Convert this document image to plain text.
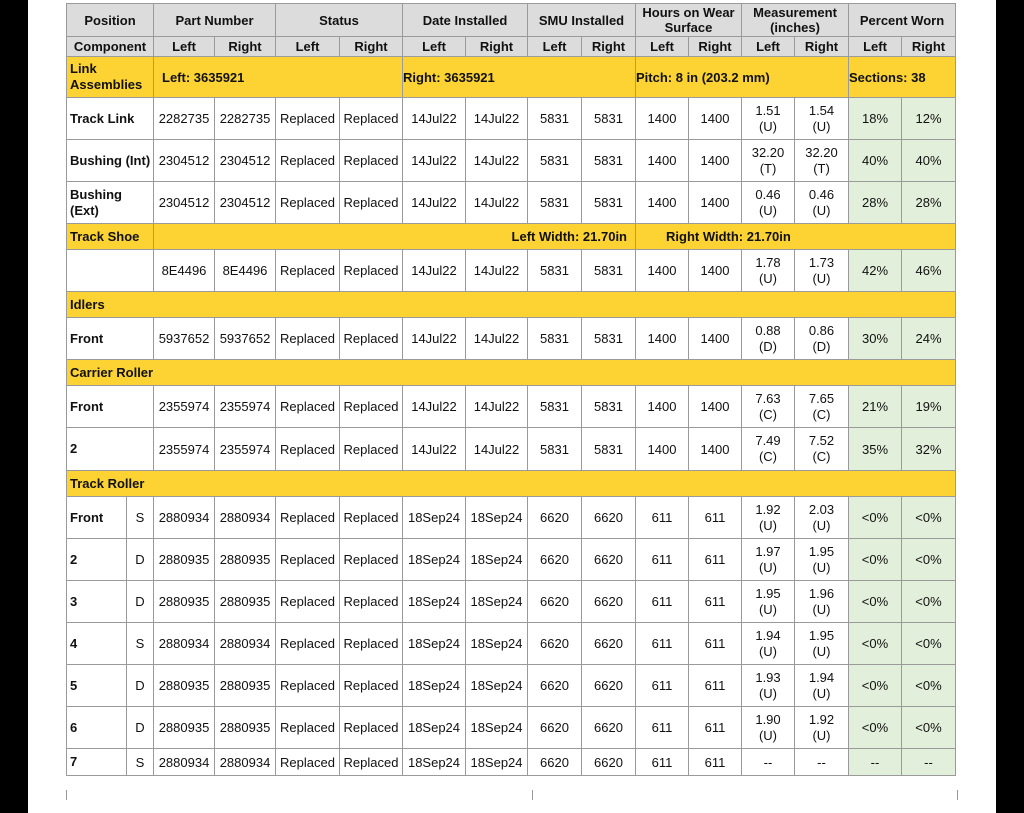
Position		Part Number		Status		Date Installed		SMU Installed		Hours on Wear Surface		Measurement (inches)		Percent Worn	
Component		Left	Right	Left	Right	Left	Right	Left	Right	Left	Right	Left	Right	Left	Right
Link Assemblies		Left: 3635921				Right: 3635921				Pitch: 8 in (203.2 mm)				Sections: 38	
Track Link		2282735	2282735	Replaced	Replaced	14Jul22	14Jul22	5831	5831	1400	1400	1.51
(U)	1.54
(U)	18%	12%
Bushing (Int)		2304512	2304512	Replaced	Replaced	14Jul22	14Jul22	5831	5831	1400	1400	32.20
(T)	32.20
(T)	40%	40%
Bushing (Ext)		2304512	2304512	Replaced	Replaced	14Jul22	14Jul22	5831	5831	1400	1400	0.46
(U)	0.46
(U)	28%	28%
Track Shoe		Left Width: 21.70in								Right Width: 21.70in					
		8E4496	8E4496	Replaced	Replaced	14Jul22	14Jul22	5831	5831	1400	1400	1.78
(U)	1.73
(U)	42%	46%
Idlers															
Front		5937652	5937652	Replaced	Replaced	14Jul22	14Jul22	5831	5831	1400	1400	0.88
(D)	0.86
(D)	30%	24%
Carrier Roller															
Front		2355974	2355974	Replaced	Replaced	14Jul22	14Jul22	5831	5831	1400	1400	7.63
(C)	7.65
(C)	21%	19%
2		2355974	2355974	Replaced	Replaced	14Jul22	14Jul22	5831	5831	1400	1400	7.49
(C)	7.52
(C)	35%	32%
Track Roller															
Front	S	2880934	2880934	Replaced	Replaced	18Sep24	18Sep24	6620	6620	611	611	1.92
(U)	2.03
(U)	<0%	<0%
2	D	2880935	2880935	Replaced	Replaced	18Sep24	18Sep24	6620	6620	611	611	1.97
(U)	1.95
(U)	<0%	<0%
3	D	2880935	2880935	Replaced	Replaced	18Sep24	18Sep24	6620	6620	611	611	1.95
(U)	1.96
(U)	<0%	<0%
4	S	2880934	2880934	Replaced	Replaced	18Sep24	18Sep24	6620	6620	611	611	1.94
(U)	1.95
(U)	<0%	<0%
5	D	2880935	2880935	Replaced	Replaced	18Sep24	18Sep24	6620	6620	611	611	1.93
(U)	1.94
(U)	<0%	<0%
6	D	2880935	2880935	Replaced	Replaced	18Sep24	18Sep24	6620	6620	611	611	1.90
(U)	1.92
(U)	<0%	<0%
7	S	2880934	2880934	Replaced	Replaced	18Sep24	18Sep24	6620	6620	611	611	--	--	--	--
